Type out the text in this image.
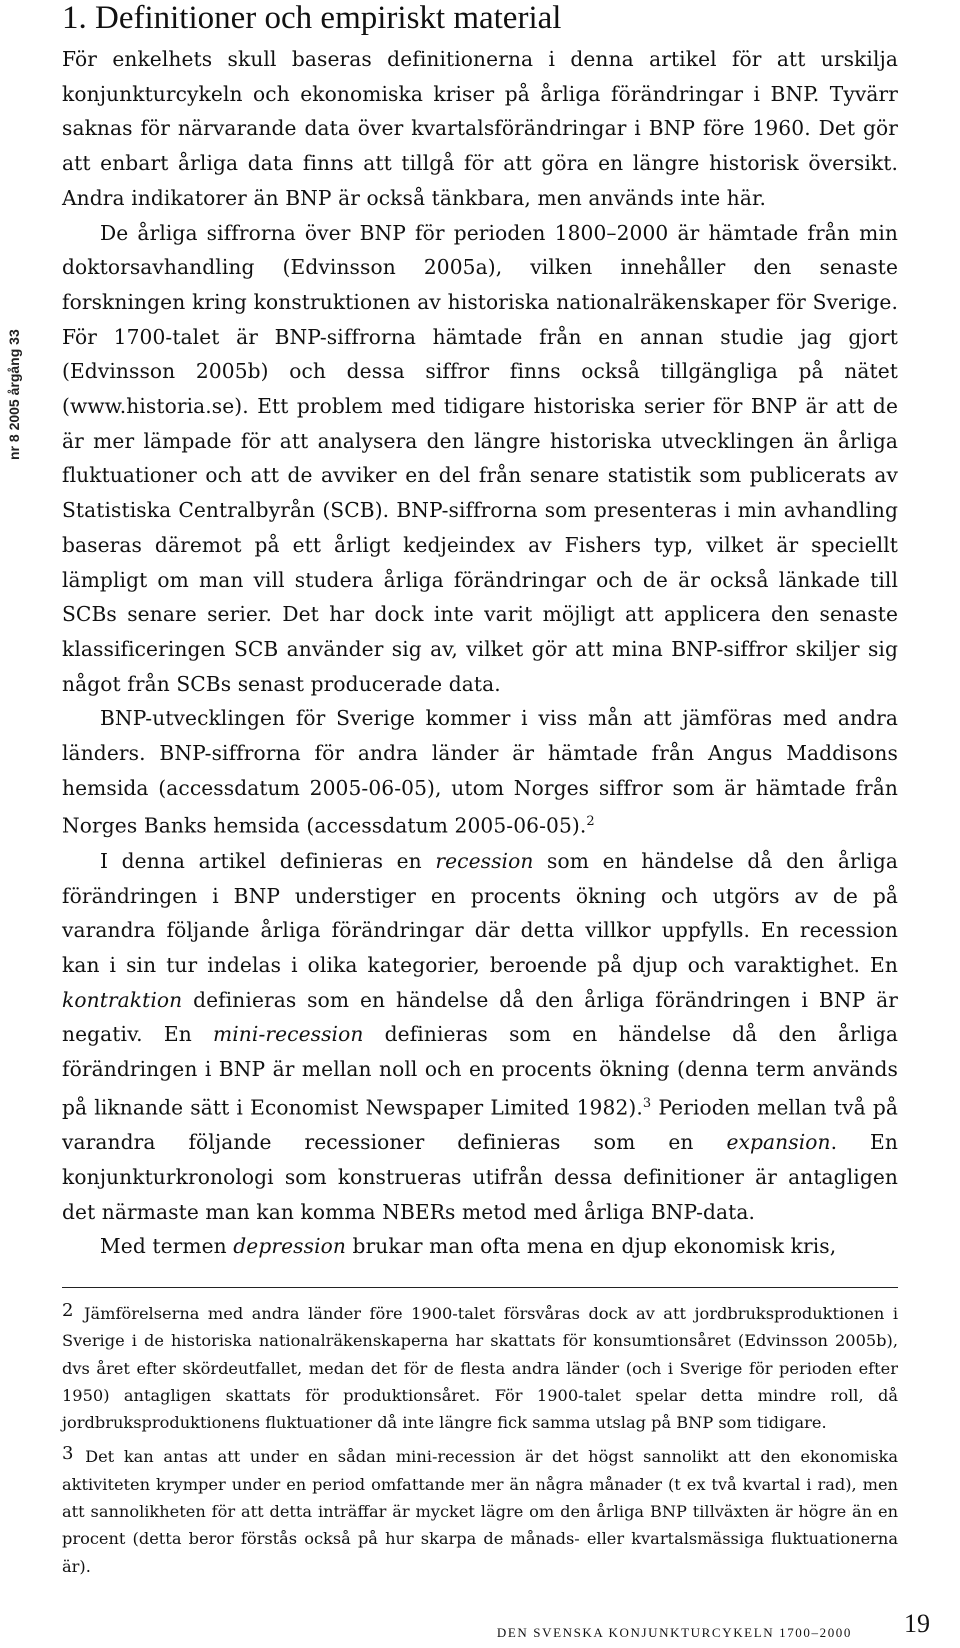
nr 8 2005 årgång 33
1. Definitioner och empiriskt material

För enkelhets skull baseras definitionerna i denna artikel för att urskilja konjunkturcykeln och ekonomiska kriser på årliga förändringar i BNP. Tyvärr saknas för närvarande data över kvartalsförändringar i BNP före 1960. Det gör att enbart årliga data finns att tillgå för att göra en längre historisk översikt. Andra indikatorer än BNP är också tänkbara, men används inte här.

De årliga siffrorna över BNP för perioden 1800–2000 är hämtade från min doktorsavhandling (Edvinsson 2005a), vilken innehåller den senaste forskningen kring konstruktionen av historiska nationalräkenskaper för Sverige. För 1700-talet är BNP-siffrorna hämtade från en annan studie jag gjort (Edvinsson 2005b) och dessa siffror finns också tillgängliga på nätet (www.historia.se). Ett problem med tidigare historiska serier för BNP är att de är mer lämpade för att analysera den längre historiska utvecklingen än årliga fluktuationer och att de avviker en del från senare statistik som publicerats av Statistiska Centralbyrån (SCB). BNP-siffrorna som presenteras i min avhandling baseras däremot på ett årligt kedjeindex av Fishers typ, vilket är speciellt lämpligt om man vill studera årliga förändringar och de är också länkade till SCBs senare serier. Det har dock inte varit möjligt att applicera den senaste klassificeringen SCB använder sig av, vilket gör att mina BNP-siffror skiljer sig något från SCBs senast producerade data.

BNP-utvecklingen för Sverige kommer i viss mån att jämföras med andra länders. BNP-siffrorna för andra länder är hämtade från Angus Maddisons hemsida (accessdatum 2005-06-05), utom Norges siffror som är hämtade från Norges Banks hemsida (accessdatum 2005-06-05).$^2$

I denna artikel definieras en recession som en händelse då den årliga förändringen i BNP understiger en procents ökning och utgörs av de på varandra följande årliga förändringar där detta villkor uppfylls. En recession kan i sin tur indelas i olika kategorier, beroende på djup och varaktighet. En kontraktion definieras som en händelse då den årliga förändringen i BNP är negativ. En mini-recession definieras som en händelse då den årliga förändringen i BNP är mellan noll och en procents ökning (denna term används på liknande sätt i Economist Newspaper Limited 1982).$^3$ Perioden mellan två på varandra följande recessioner definieras som en expansion. En konjunkturkronologi som konstrueras utifrån dessa definitioner är antagligen det närmaste man kan komma NBERs metod med årliga BNP-data.

Med termen depression brukar man ofta mena en djup ekonomisk kris,

$^2$ Jämförelserna med andra länder före 1900-talet försvåras dock av att jordbruksproduktionen i Sverige i de historiska nationalräkenskaperna har skattats för konsumtionsåret (Edvinsson 2005b), dvs året efter skördeutfallet, medan det för de flesta andra länder (och i Sverige för perioden efter 1950) antagligen skattats för produktionsåret. För 1900-talet spelar detta mindre roll, då jordbruksproduktionens fluktuationer då inte längre fick samma utslag på BNP som tidigare.

$^3$ Det kan antas att under en sådan mini-recession är det högst sannolikt att den ekonomiska aktiviteten krymper under en period omfattande mer än några månader (t ex två kvartal i rad), men att sannolikheten för att detta inträffar är mycket lägre om den årliga BNP tillväxten är högre än en procent (detta beror förstås också på hur skarpa de månads- eller kvartalsmässiga fluktuationerna är).

DEN SVENSKA KONJUNKTURCYKELN 1700–2000 19
